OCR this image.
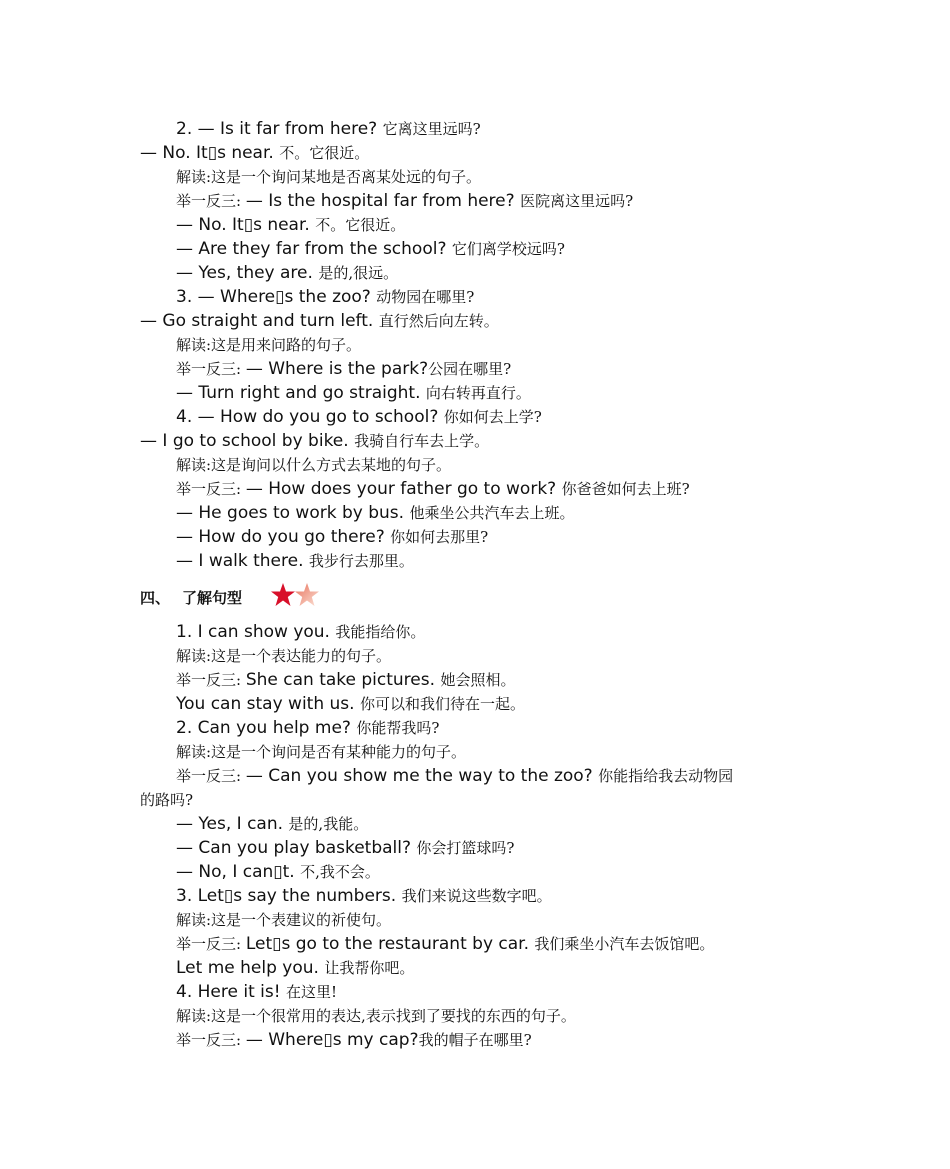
2. — Is it far from here? 它离这里远吗?
— No. It▯s near. 不。它很近。
解读:这是一个询问某地是否离某处远的句子。
举一反三: — Is the hospital far from here? 医院离这里远吗?
— No. It▯s near. 不。它很近。
— Are they far from the school? 它们离学校远吗?
— Yes, they are. 是的,很远。
3. — Where▯s the zoo? 动物园在哪里?
— Go straight and turn left. 直行然后向左转。
解读:这是用来问路的句子。
举一反三: — Where is the park?公园在哪里?
— Turn right and go straight. 向右转再直行。
4. — How do you go to school? 你如何去上学?
— I go to school by bike. 我骑自行车去上学。
解读:这是询问以什么方式去某地的句子。
举一反三: — How does your father go to work? 你爸爸如何去上班?
— He goes to work by bus. 他乘坐公共汽车去上班。
— How do you go there? 你如何去那里?
— I walk there. 我步行去那里。
四、 了解句型
1. I can show you. 我能指给你。
解读:这是一个表达能力的句子。
举一反三: She can take pictures. 她会照相。
You can stay with us. 你可以和我们待在一起。
2. Can you help me? 你能帮我吗?
解读:这是一个询问是否有某种能力的句子。
举一反三: — Can you show me the way to the zoo? 你能指给我去动物园
的路吗?
— Yes, I can. 是的,我能。
— Can you play basketball? 你会打篮球吗?
— No, I can▯t. 不,我不会。
3. Let▯s say the numbers. 我们来说这些数字吧。
解读:这是一个表建议的祈使句。
举一反三: Let▯s go to the restaurant by car. 我们乘坐小汽车去饭馆吧。
Let me help you. 让我帮你吧。
4. Here it is! 在这里!
解读:这是一个很常用的表达,表示找到了要找的东西的句子。
举一反三: — Where▯s my cap?我的帽子在哪里?
